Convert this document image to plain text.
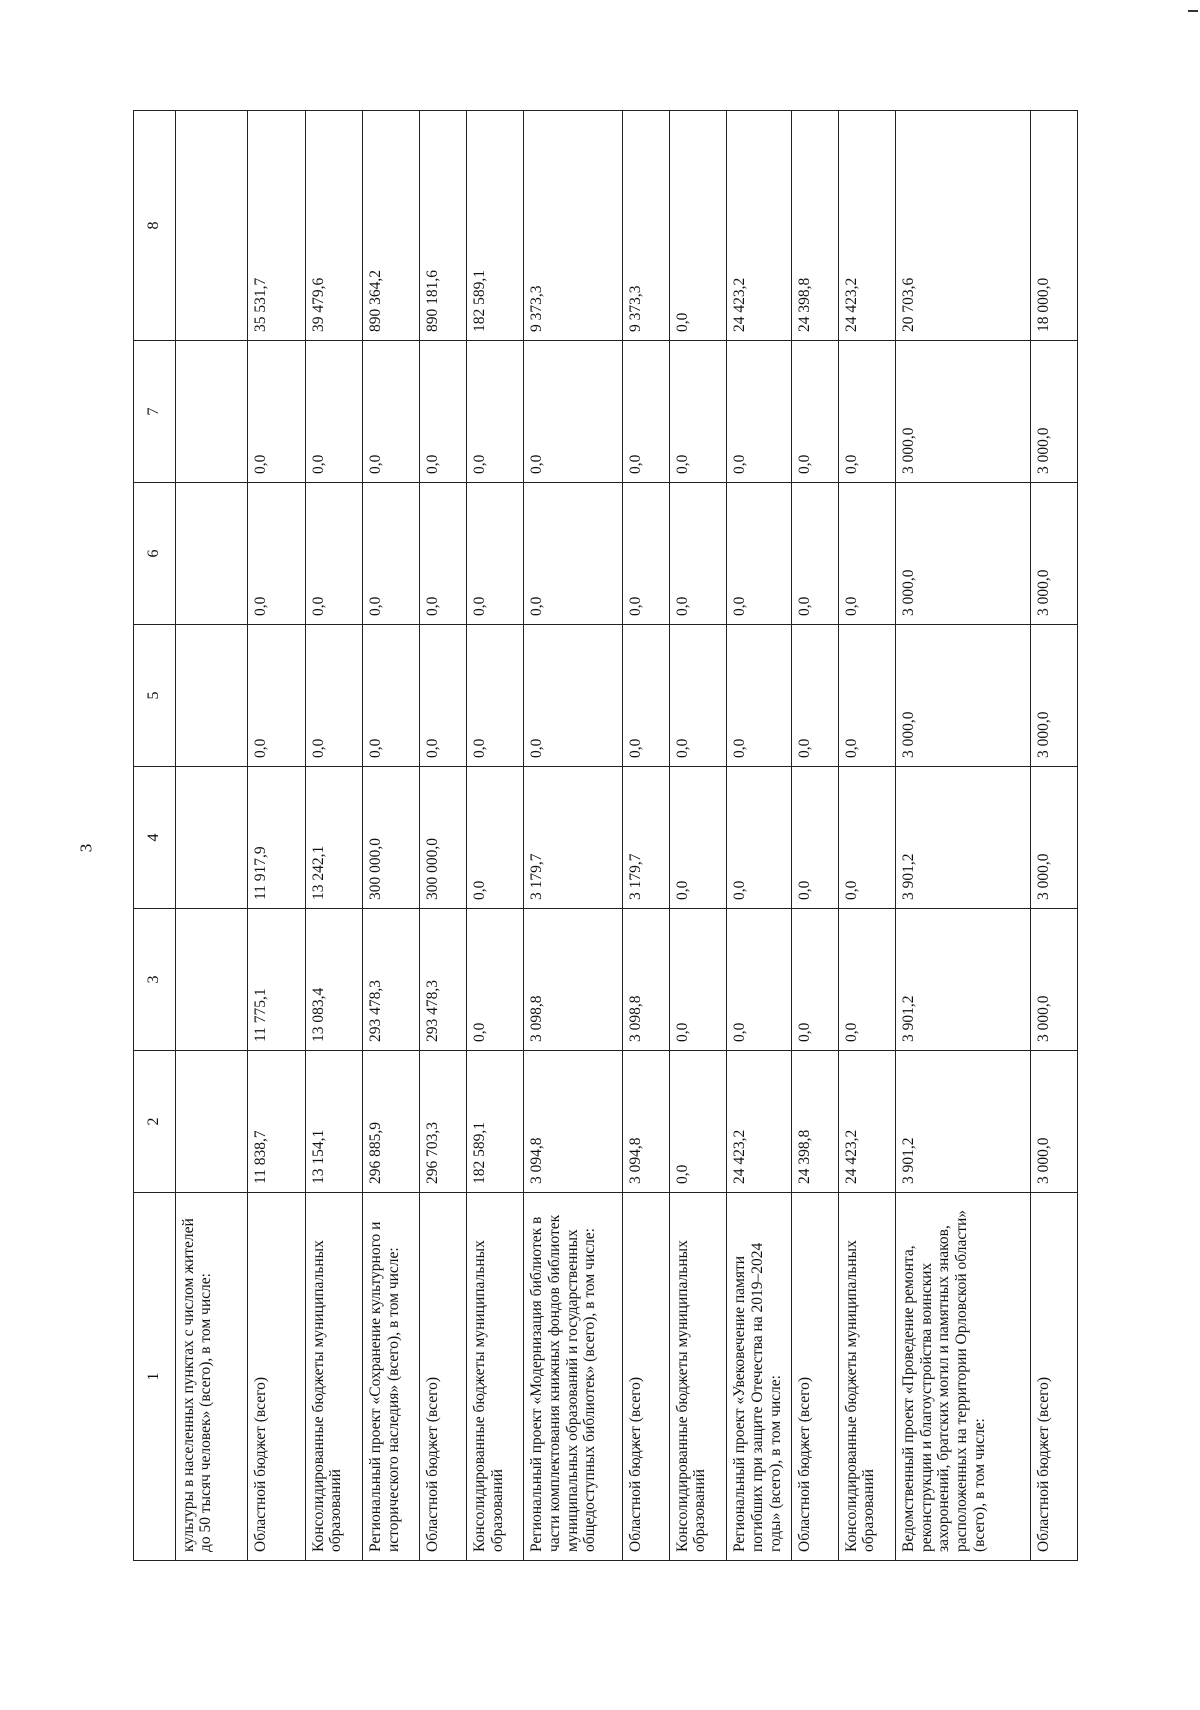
3
1	2	3	4	5	6	7	8
культуры в населенных пунктах с числом жителей до 50 тысяч человек» (всего), в том числе:							
Областной бюджет (всего)	11 838,7	11 775,1	11 917,9	0,0	0,0	0,0	35 531,7
Консолидированные бюджеты муниципальных образований	13 154,1	13 083,4	13 242,1	0,0	0,0	0,0	39 479,6
Региональный проект «Сохранение культурного и исторического наследия» (всего), в том числе:	296 885,9	293 478,3	300 000,0	0,0	0,0	0,0	890 364,2
Областной бюджет (всего)	296 703,3	293 478,3	300 000,0	0,0	0,0	0,0	890 181,6
Консолидированные бюджеты муниципальных образований	182 589,1	0,0	0,0	0,0	0,0	0,0	182 589,1
Региональный проект «Модернизация библиотек в части комплектования книжных фондов библиотек муниципальных образований и государственных общедоступных библиотек» (всего), в том числе:	3 094,8	3 098,8	3 179,7	0,0	0,0	0,0	9 373,3
Областной бюджет (всего)	3 094,8	3 098,8	3 179,7	0,0	0,0	0,0	9 373,3
Консолидированные бюджеты муниципальных образований	0,0	0,0	0,0	0,0	0,0	0,0	0,0
Региональный проект «Увековечение памяти погибших при защите Отечества на 2019–2024 годы» (всего), в том числе:	24 423,2	0,0	0,0	0,0	0,0	0,0	24 423,2
Областной бюджет (всего)	24 398,8	0,0	0,0	0,0	0,0	0,0	24 398,8
Консолидированные бюджеты муниципальных образований	24 423,2	0,0	0,0	0,0	0,0	0,0	24 423,2
Ведомственный проект «Проведение ремонта, реконструкции и благоустройства воинских захоронений, братских могил и памятных знаков, расположенных на территории Орловской области» (всего), в том числе:	3 901,2	3 901,2	3 901,2	3 000,0	3 000,0	3 000,0	20 703,6
Областной бюджет (всего)	3 000,0	3 000,0	3 000,0	3 000,0	3 000,0	3 000,0	18 000,0
